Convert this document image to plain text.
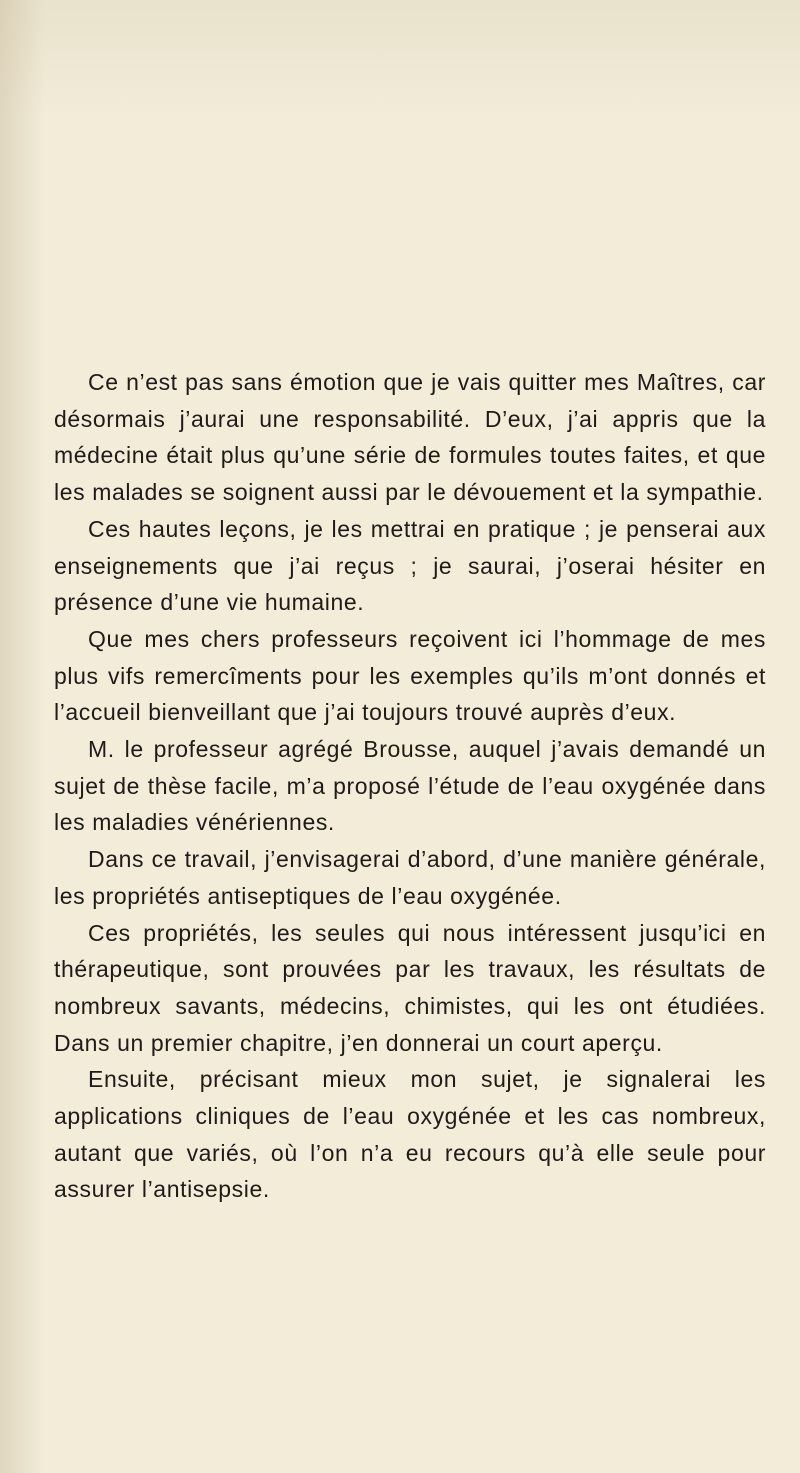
Ce n’est pas sans émotion que je vais quitter mes Maîtres, car désormais j’aurai une responsabilité. D’eux, j’ai appris que la médecine était plus qu’une série de formules toutes faites, et que les malades se soignent aussi par le dévouement et la sympathie.

Ces hautes leçons, je les mettrai en pratique ; je penserai aux enseignements que j’ai reçus ; je saurai, j’oserai hésiter en présence d’une vie humaine.

Que mes chers professeurs reçoivent ici l’hommage de mes plus vifs remercîments pour les exemples qu’ils m’ont donnés et l’accueil bienveillant que j’ai toujours trouvé auprès d’eux.

M. le professeur agrégé Brousse, auquel j’avais demandé un sujet de thèse facile, m’a proposé l’étude de l’eau oxygénée dans les maladies vénériennes.

Dans ce travail, j’envisagerai d’abord, d’une manière générale, les propriétés antiseptiques de l’eau oxygénée.

Ces propriétés, les seules qui nous intéressent jusqu’ici en thérapeutique, sont prouvées par les travaux, les résultats de nombreux savants, médecins, chimistes, qui les ont étudiées. Dans un premier chapitre, j’en donnerai un court aperçu.

Ensuite, précisant mieux mon sujet, je signalerai les applications cliniques de l’eau oxygénée et les cas nombreux, autant que variés, où l’on n’a eu recours qu’à elle seule pour assurer l’antisepsie.
